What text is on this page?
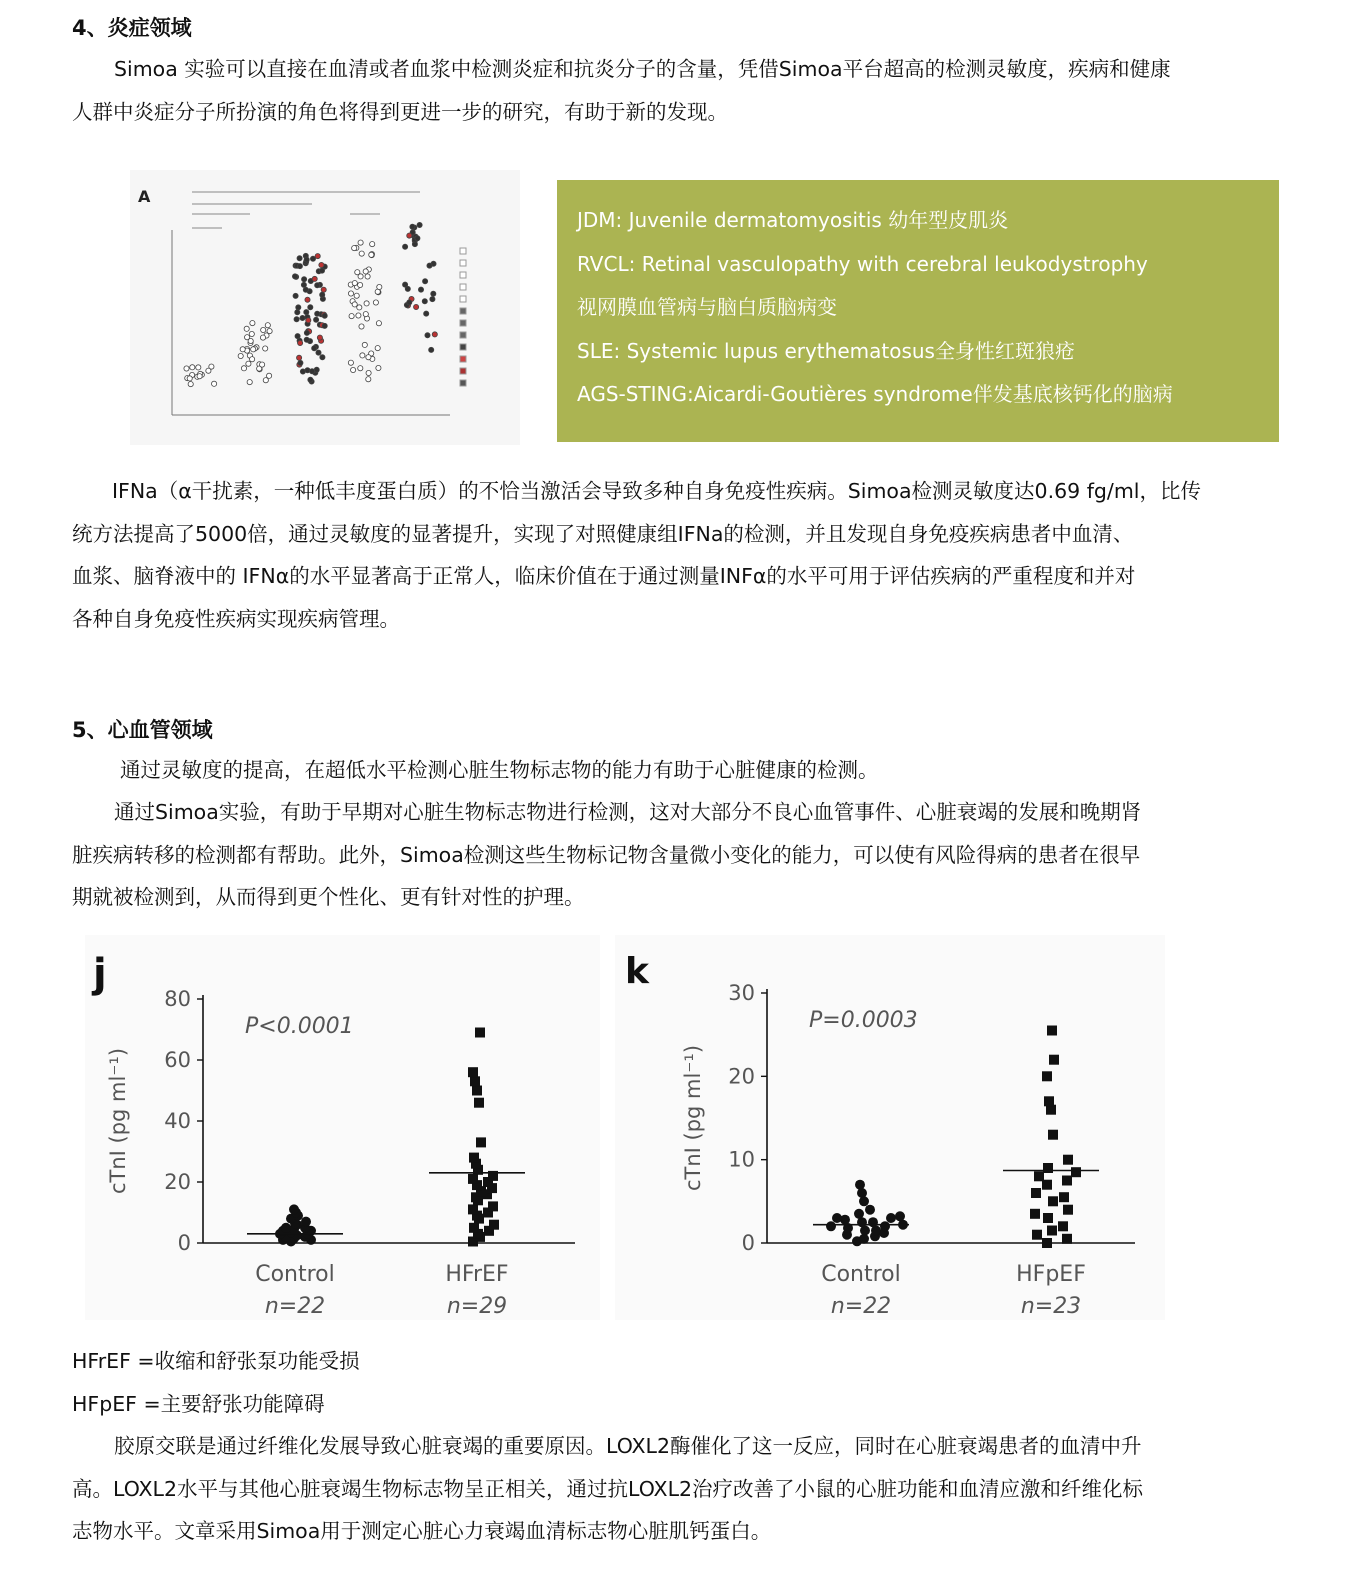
4、炎症领域
Simoa 实验可以直接在血清或者血浆中检测炎症和抗炎分子的含量，凭借Simoa平台超高的检测灵敏度，疾病和健康
人群中炎症分子所扮演的角色将得到更进一步的研究，有助于新的发现。
A
JDM: Juvenile dermatomyositis 幼年型皮肌炎
RVCL: Retinal vasculopathy with cerebral leukodystrophy
视网膜血管病与脑白质脑病变
SLE: Systemic lupus erythematosus全身性红斑狼疮
AGS-STING:Aicardi-Goutières syndrome伴发基底核钙化的脑病
IFNa（α干扰素，一种低丰度蛋白质）的不恰当激活会导致多种自身免疫性疾病。Simoa检测灵敏度达0.69 fg/ml，比传
统方法提高了5000倍，通过灵敏度的显著提升，实现了对照健康组IFNa的检测，并且发现自身免疫疾病患者中血清、
血浆、脑脊液中的 IFNα的水平显著高于正常人，临床价值在于通过测量INFα的水平可用于评估疾病的严重程度和并对
各种自身免疫性疾病实现疾病管理。
5、心血管领域
通过灵敏度的提高，在超低水平检测心脏生物标志物的能力有助于心脏健康的检测。
通过Simoa实验，有助于早期对心脏生物标志物进行检测，这对大部分不良心血管事件、心脏衰竭的发展和晚期肾
脏疾病转移的检测都有帮助。此外，Simoa检测这些生物标记物含量微小变化的能力，可以使有风险得病的患者在很早
期就被检测到，从而得到更个性化、更有针对性的护理。
j	k
0
20
40
60
80
cTnI (pg ml⁻¹)
P<0.0001
Control
n=22
HFrEF
n=29
0
10
20
30
cTnI (pg ml⁻¹)
P=0.0003
Control
n=22
HFpEF
n=23
HFrEF =收缩和舒张泵功能受损
HFpEF =主要舒张功能障碍
胶原交联是通过纤维化发展导致心脏衰竭的重要原因。LOXL2酶催化了这一反应，同时在心脏衰竭患者的血清中升
高。LOXL2水平与其他心脏衰竭生物标志物呈正相关，通过抗LOXL2治疗改善了小鼠的心脏功能和血清应激和纤维化标
志物水平。文章采用Simoa用于测定心脏心力衰竭血清标志物心脏肌钙蛋白。
